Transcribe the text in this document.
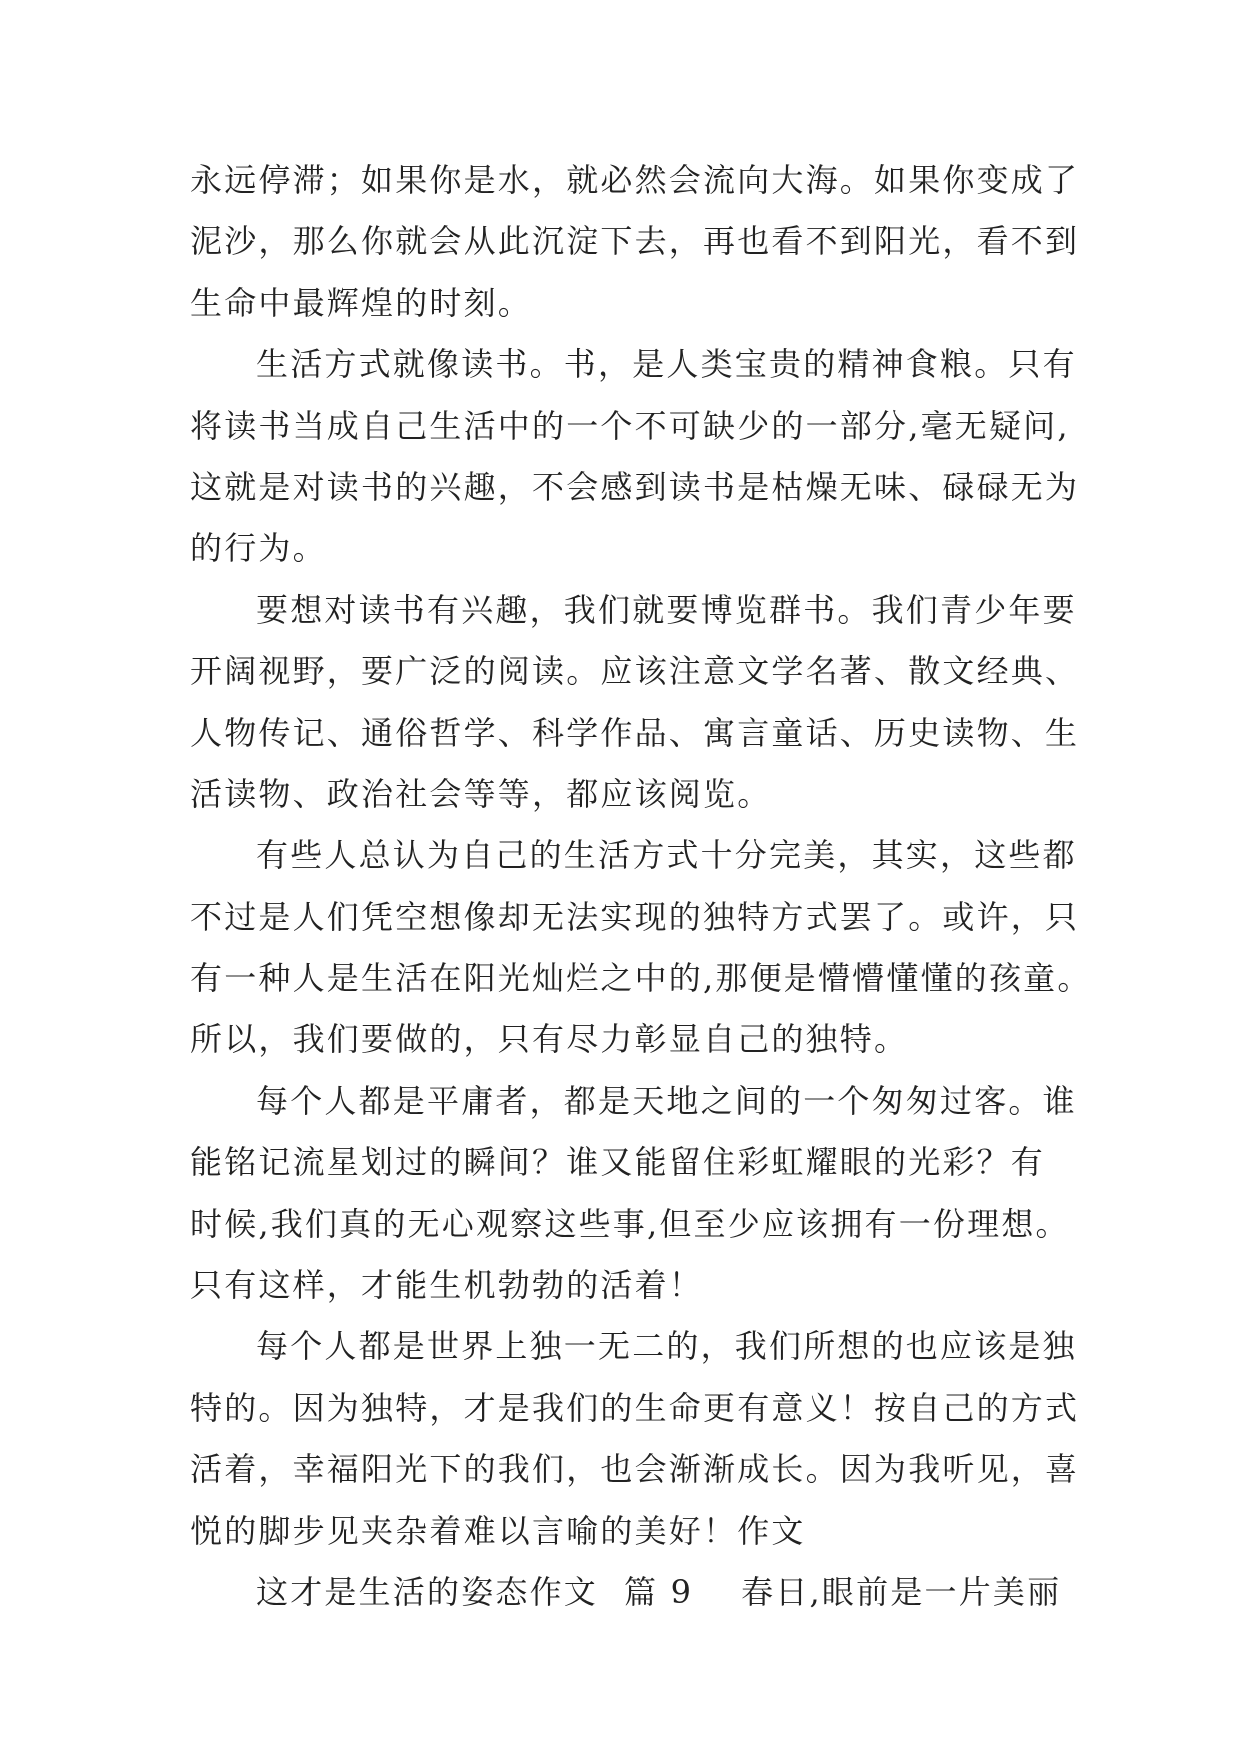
永远停滞；如果你是水，就必然会流向大海。如果你变成了
泥沙，那么你就会从此沉淀下去，再也看不到阳光，看不到
生命中最辉煌的时刻。
生活方式就像读书。书，是人类宝贵的精神食粮。只有
将读书当成自己生活中的一个不可缺少的一部分,毫无疑问,
这就是对读书的兴趣，不会感到读书是枯燥无味、碌碌无为
的行为。
要想对读书有兴趣，我们就要博览群书。我们青少年要
开阔视野，要广泛的阅读。应该注意文学名著、散文经典、
人物传记、通俗哲学、科学作品、寓言童话、历史读物、生
活读物、政治社会等等，都应该阅览。
有些人总认为自己的生活方式十分完美，其实，这些都
不过是人们凭空想像却无法实现的独特方式罢了。或许，只
有一种人是生活在阳光灿烂之中的,那便是懵懵懂懂的孩童。
所以，我们要做的，只有尽力彰显自己的独特。
每个人都是平庸者，都是天地之间的一个匆匆过客。谁
能铭记流星划过的瞬间？谁又能留住彩虹耀眼的光彩？有
时候,我们真的无心观察这些事,但至少应该拥有一份理想。
只有这样，才能生机勃勃的活着！
每个人都是世界上独一无二的，我们所想的也应该是独
特的。因为独特，才是我们的生命更有意义！按自己的方式
活着，幸福阳光下的我们，也会渐渐成长。因为我听见，喜
悦的脚步见夹杂着难以言喻的美好！作文
这才是生活的姿态作文 篇 9 春日,眼前是一片美丽
